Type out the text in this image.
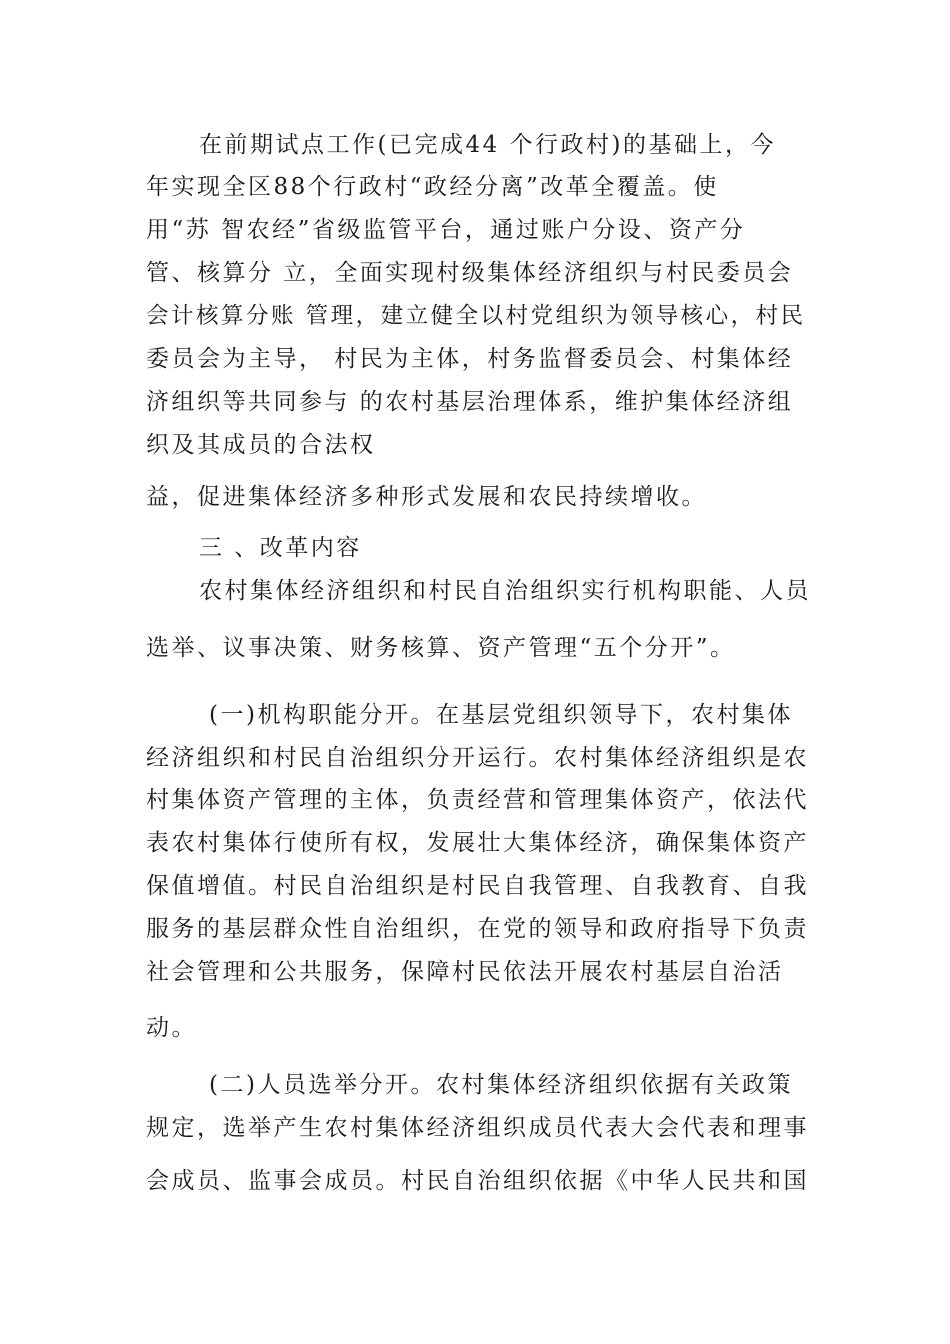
在前期试点工作(已完成44 个行政村)的基础上，今
年实现全区88个行政村“政经分离”改革全覆盖。使
用“苏 智农经”省级监管平台，通过账户分设、资产分
管、核算分 立，全面实现村级集体经济组织与村民委员会
会计核算分账 管理，建立健全以村党组织为领导核心，村民
委员会为主导， 村民为主体，村务监督委员会、村集体经
济组织等共同参与 的农村基层治理体系，维护集体经济组
织及其成员的合法权
益，促进集体经济多种形式发展和农民持续增收。
三 、改革内容
农村集体经济组织和村民自治组织实行机构职能、人员
选举、议事决策、财务核算、资产管理“五个分开”。
(一)机构职能分开。在基层党组织领导下，农村集体
经济组织和村民自治组织分开运行。农村集体经济组织是农
村集体资产管理的主体，负责经营和管理集体资产，依法代
表农村集体行使所有权，发展壮大集体经济，确保集体资产
保值增值。村民自治组织是村民自我管理、自我教育、自我
服务的基层群众性自治组织，在党的领导和政府指导下负责
社会管理和公共服务，保障村民依法开展农村基层自治活
动。
(二)人员选举分开。农村集体经济组织依据有关政策
规定，选举产生农村集体经济组织成员代表大会代表和理事
会成员、监事会成员。村民自治组织依据《中华人民共和国
